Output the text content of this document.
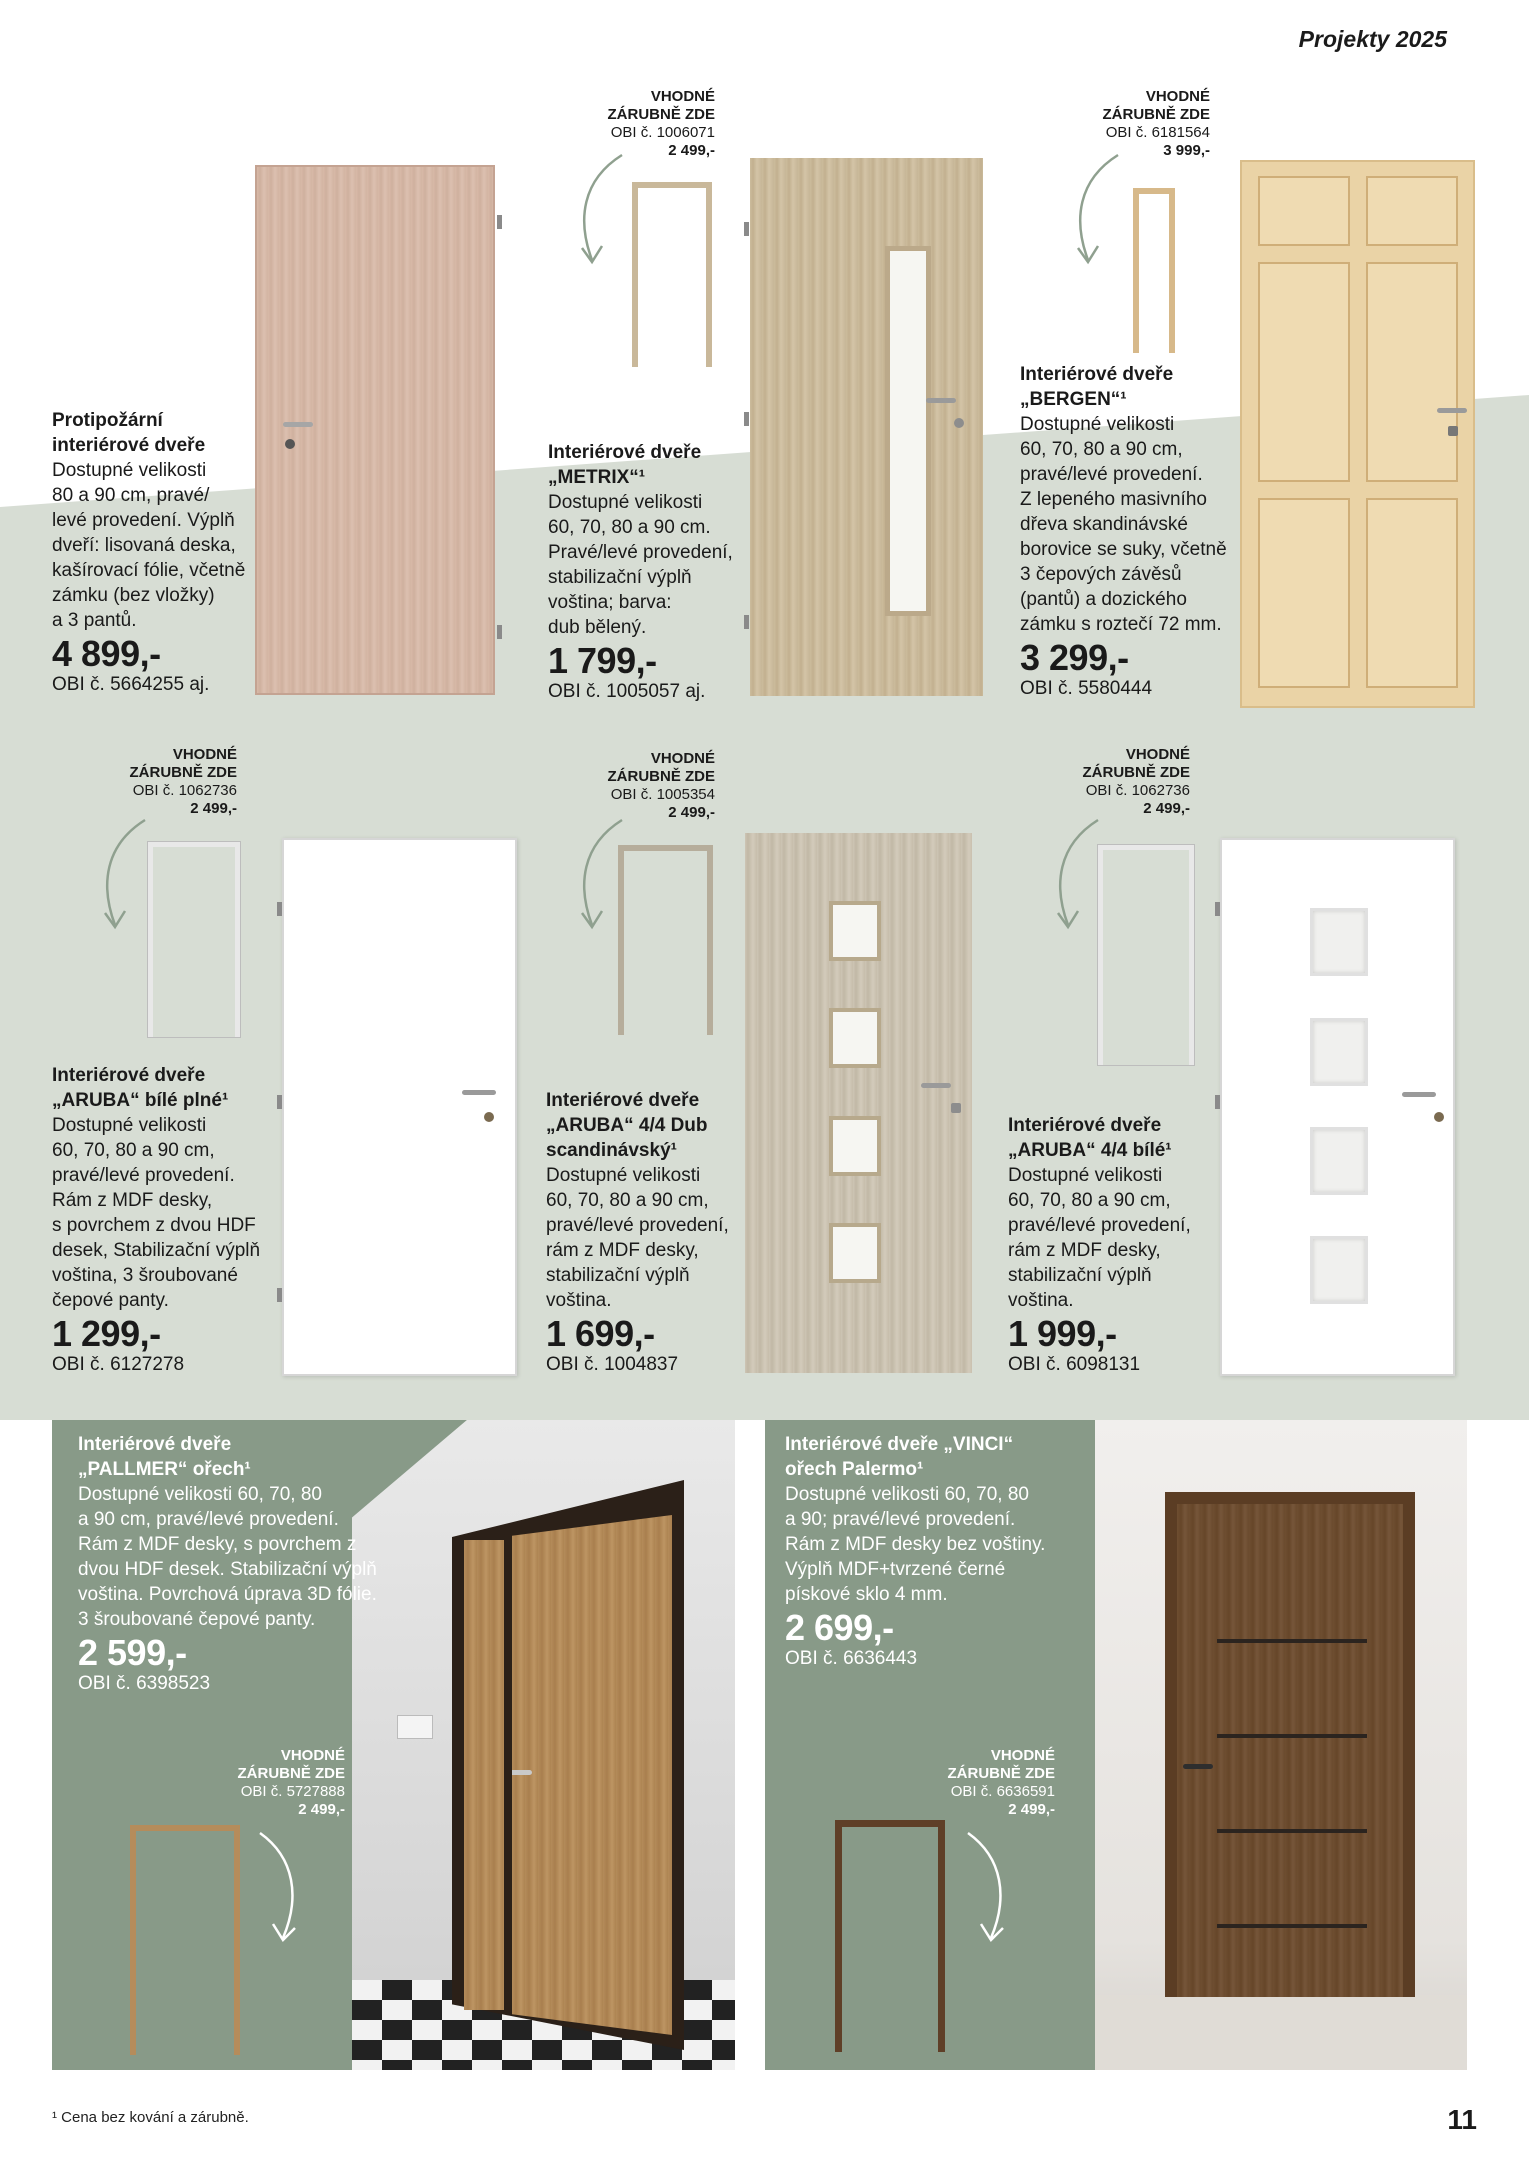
Projekty 2025
Protipožární
interiérové dveře
Dostupné velikosti
80 a 90 cm, pravé/
levé provedení. Výplň
dveří: lisovaná deska,
kašírovací fólie, včetně
zámku (bez vložky)
a 3 pantů.
4 899,-
OBI č. 5664255 aj.
VHODNÉ
ZÁRUBNĚ ZDE
OBI č. 1006071
2 499,-
Interiérové dveře
„METRIX“¹
Dostupné velikosti
60, 70, 80 a 90 cm.
Pravé/levé provedení,
stabilizační výplň
voština; barva:
dub bělený.
1 799,-
OBI č. 1005057 aj.
VHODNÉ
ZÁRUBNĚ ZDE
OBI č. 6181564
3 999,-
Interiérové dveře
„BERGEN“¹
Dostupné velikosti
60, 70, 80 a 90 cm,
pravé/levé provedení.
Z lepeného masivního
dřeva skandinávské
borovice se suky, včetně
3 čepových závěsů
(pantů) a dozického
zámku s roztečí 72 mm.
3 299,-
OBI č. 5580444
VHODNÉ
ZÁRUBNĚ ZDE
OBI č. 1062736
2 499,-
Interiérové dveře
„ARUBA“ bílé plné¹
Dostupné velikosti
60, 70, 80 a 90 cm,
pravé/levé provedení.
Rám z MDF desky,
s povrchem z dvou HDF
desek, Stabilizační výplň
voština, 3 šroubované
čepové panty.
1 299,-
OBI č. 6127278
VHODNÉ
ZÁRUBNĚ ZDE
OBI č. 1005354
2 499,-
Interiérové dveře
„ARUBA“ 4/4 Dub
scandinávský¹
Dostupné velikosti
60, 70, 80 a 90 cm,
pravé/levé provedení,
rám z MDF desky,
stabilizační výplň
voština.
1 699,-
OBI č. 1004837
VHODNÉ
ZÁRUBNĚ ZDE
OBI č. 1062736
2 499,-
Interiérové dveře
„ARUBA“ 4/4 bílé¹
Dostupné velikosti
60, 70, 80 a 90 cm,
pravé/levé provedení,
rám z MDF desky,
stabilizační výplň
voština.
1 999,-
OBI č. 6098131
Interiérové dveře
„PALLMER“ ořech¹
Dostupné velikosti 60, 70, 80
a 90 cm, pravé/levé provedení.
Rám z MDF desky, s povrchem z
dvou HDF desek. Stabilizační výplň
voština. Povrchová úprava 3D fólie.
3 šroubované čepové panty.
2 599,-
OBI č. 6398523
VHODNÉ
ZÁRUBNĚ ZDE
OBI č. 5727888
2 499,-
Interiérové dveře „VINCI“
ořech Palermo¹
Dostupné velikosti 60, 70, 80
a 90; pravé/levé provedení.
Rám z MDF desky bez voštiny.
Výplň MDF+tvrzené černé
pískové sklo 4 mm.
2 699,-
OBI č. 6636443
VHODNÉ
ZÁRUBNĚ ZDE
OBI č. 6636591
2 499,-
¹ Cena bez kování a zárubně.	11
